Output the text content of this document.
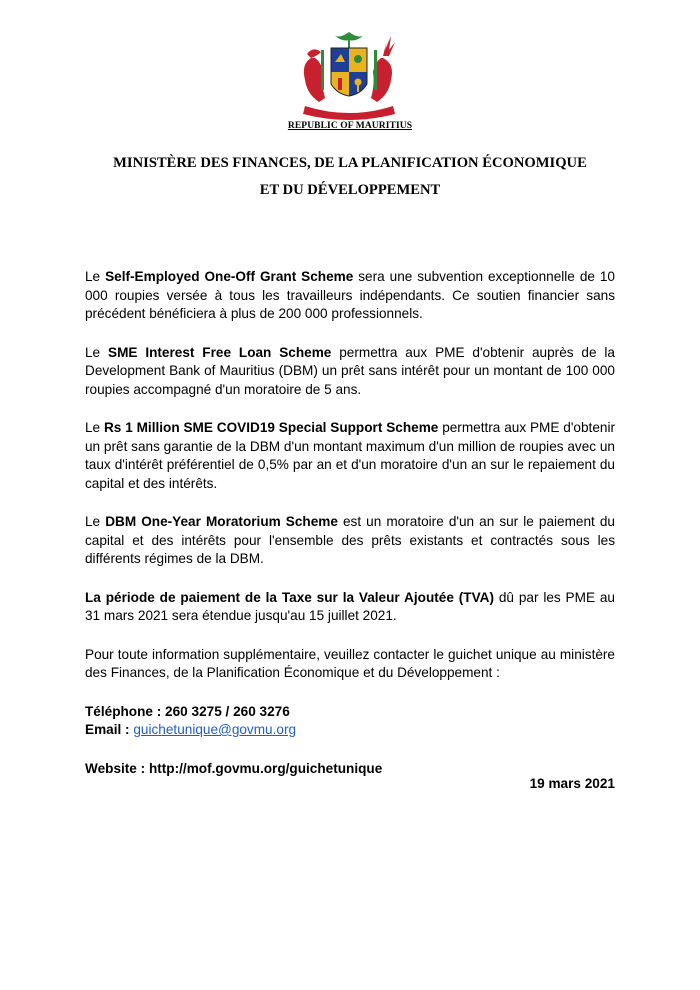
REPUBLIC OF MAURITIUS
MINISTÈRE DES FINANCES, DE LA PLANIFICATION ÉCONOMIQUE
ET DU DÉVELOPPEMENT

Le Self-Employed One-Off Grant Scheme sera une subvention exceptionnelle de 10 000 roupies versée à tous les travailleurs indépendants. Ce soutien financier sans précédent bénéficiera à plus de 200 000 professionnels.

Le SME Interest Free Loan Scheme permettra aux PME d'obtenir auprès de la Development Bank of Mauritius (DBM) un prêt sans intérêt pour un montant de 100 000 roupies accompagné d'un moratoire de 5 ans.

Le Rs 1 Million SME COVID19 Special Support Scheme permettra aux PME d'obtenir un prêt sans garantie de la DBM d'un montant maximum d'un million de roupies avec un taux d'intérêt préférentiel de 0,5% par an et d'un moratoire d'un an sur le repaiement du capital et des intérêts.

Le DBM One-Year Moratorium Scheme est un moratoire d'un an sur le paiement du capital et des intérêts pour l'ensemble des prêts existants et contractés sous les différents régimes de la DBM.

La période de paiement de la Taxe sur la Valeur Ajoutée (TVA) dû par les PME au 31 mars 2021 sera étendue jusqu'au 15 juillet 2021.

Pour toute information supplémentaire, veuillez contacter le guichet unique au ministère des Finances, de la Planification Économique et du Développement :

Téléphone : 260 3275 / 260 3276
Email : guichetunique@govmu.org
Website : http://mof.govmu.org/guichetunique
19 mars 2021
